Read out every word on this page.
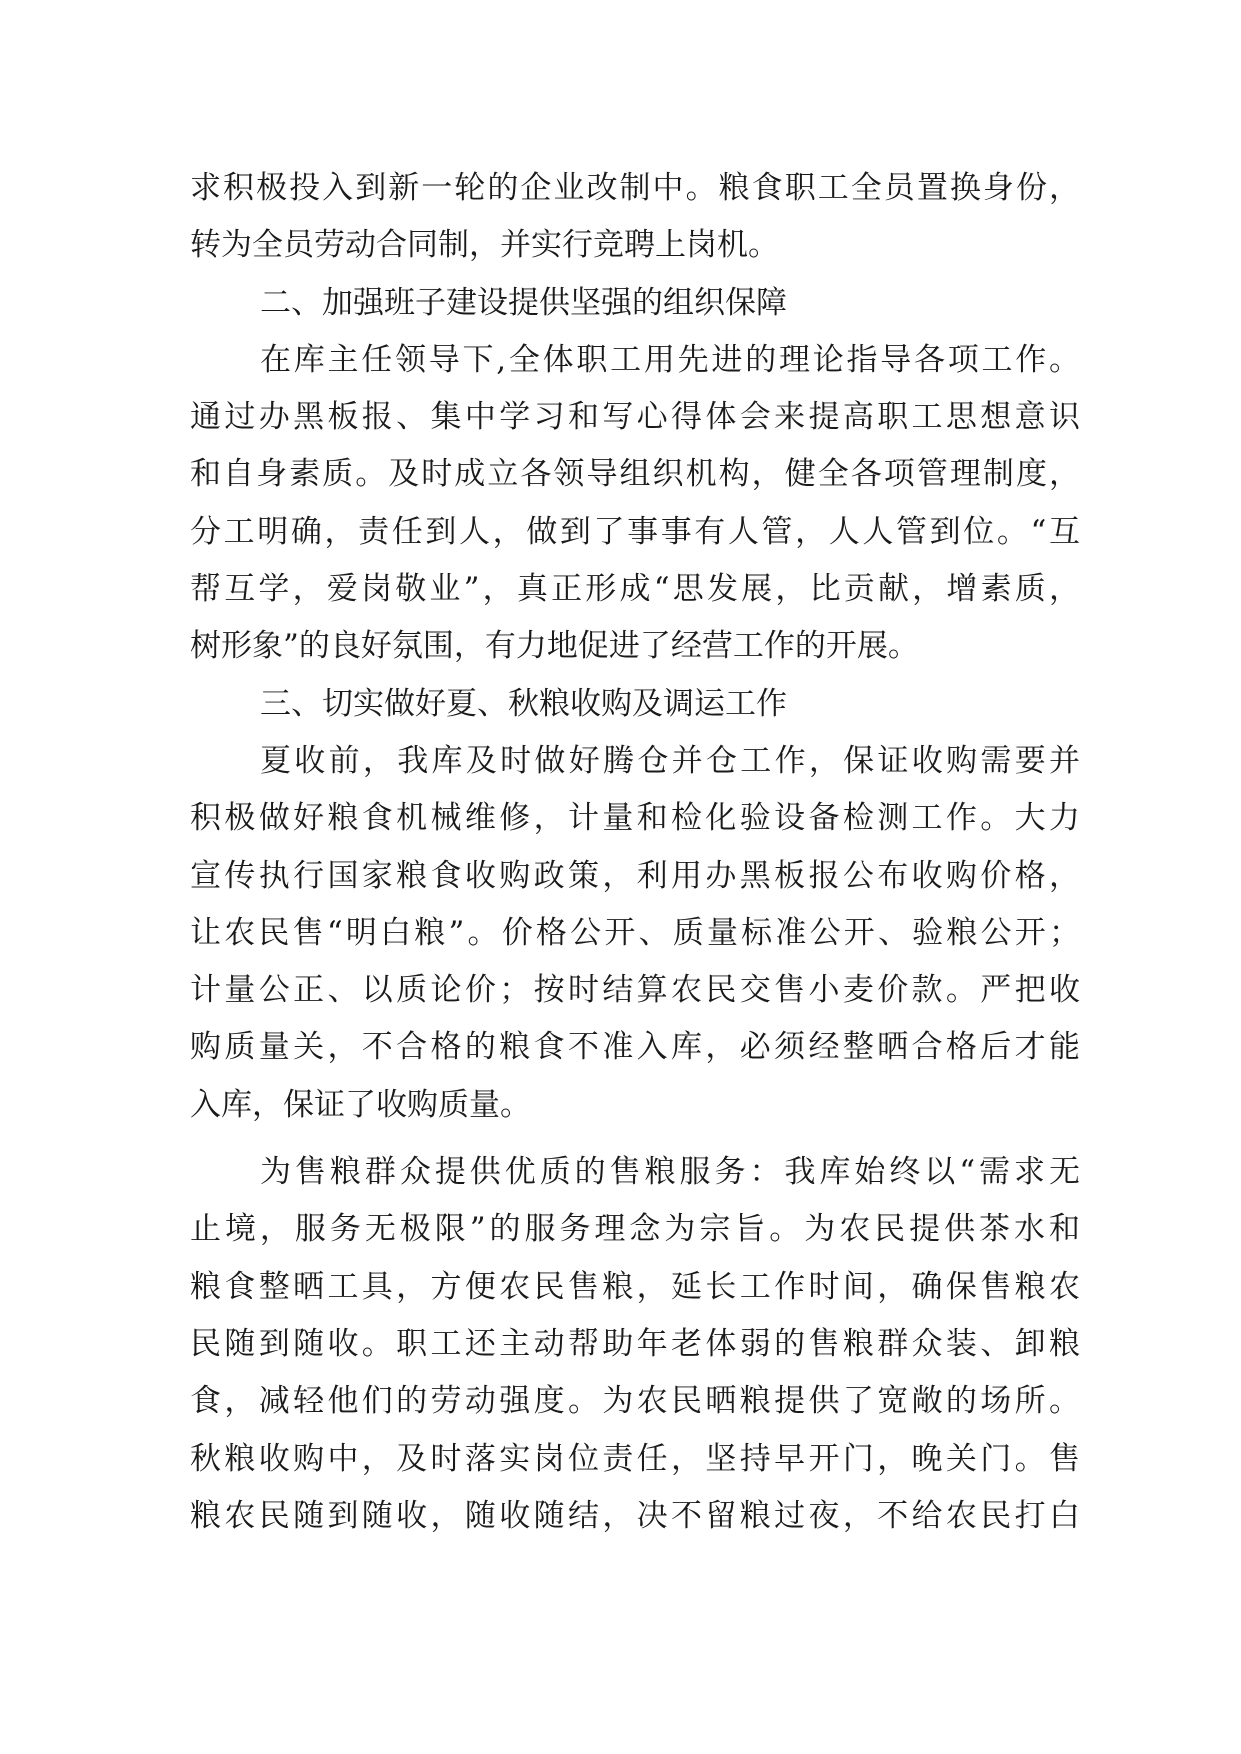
求积极投入到新一轮的企业改制中。粮食职工全员置换身份，
转为全员劳动合同制，并实行竞聘上岗机。
二、加强班子建设提供坚强的组织保障
在库主任领导下,全体职工用先进的理论指导各项工作。
通过办黑板报、集中学习和写心得体会来提高职工思想意识
和自身素质。及时成立各领导组织机构，健全各项管理制度，
分工明确，责任到人，做到了事事有人管，人人管到位。“互
帮互学，爱岗敬业”，真正形成“思发展，比贡献，增素质，
树形象”的良好氛围，有力地促进了经营工作的开展。
三、切实做好夏、秋粮收购及调运工作
夏收前，我库及时做好腾仓并仓工作，保证收购需要并
积极做好粮食机械维修，计量和检化验设备检测工作。大力
宣传执行国家粮食收购政策，利用办黑板报公布收购价格，
让农民售“明白粮”。价格公开、质量标准公开、验粮公开；
计量公正、以质论价；按时结算农民交售小麦价款。严把收
购质量关，不合格的粮食不准入库，必须经整晒合格后才能
入库，保证了收购质量。
为售粮群众提供优质的售粮服务：我库始终以“需求无
止境，服务无极限”的服务理念为宗旨。为农民提供茶水和
粮食整晒工具，方便农民售粮，延长工作时间，确保售粮农
民随到随收。职工还主动帮助年老体弱的售粮群众装、卸粮
食，减轻他们的劳动强度。为农民晒粮提供了宽敞的场所。
秋粮收购中，及时落实岗位责任，坚持早开门，晚关门。售
粮农民随到随收，随收随结，决不留粮过夜，不给农民打白
